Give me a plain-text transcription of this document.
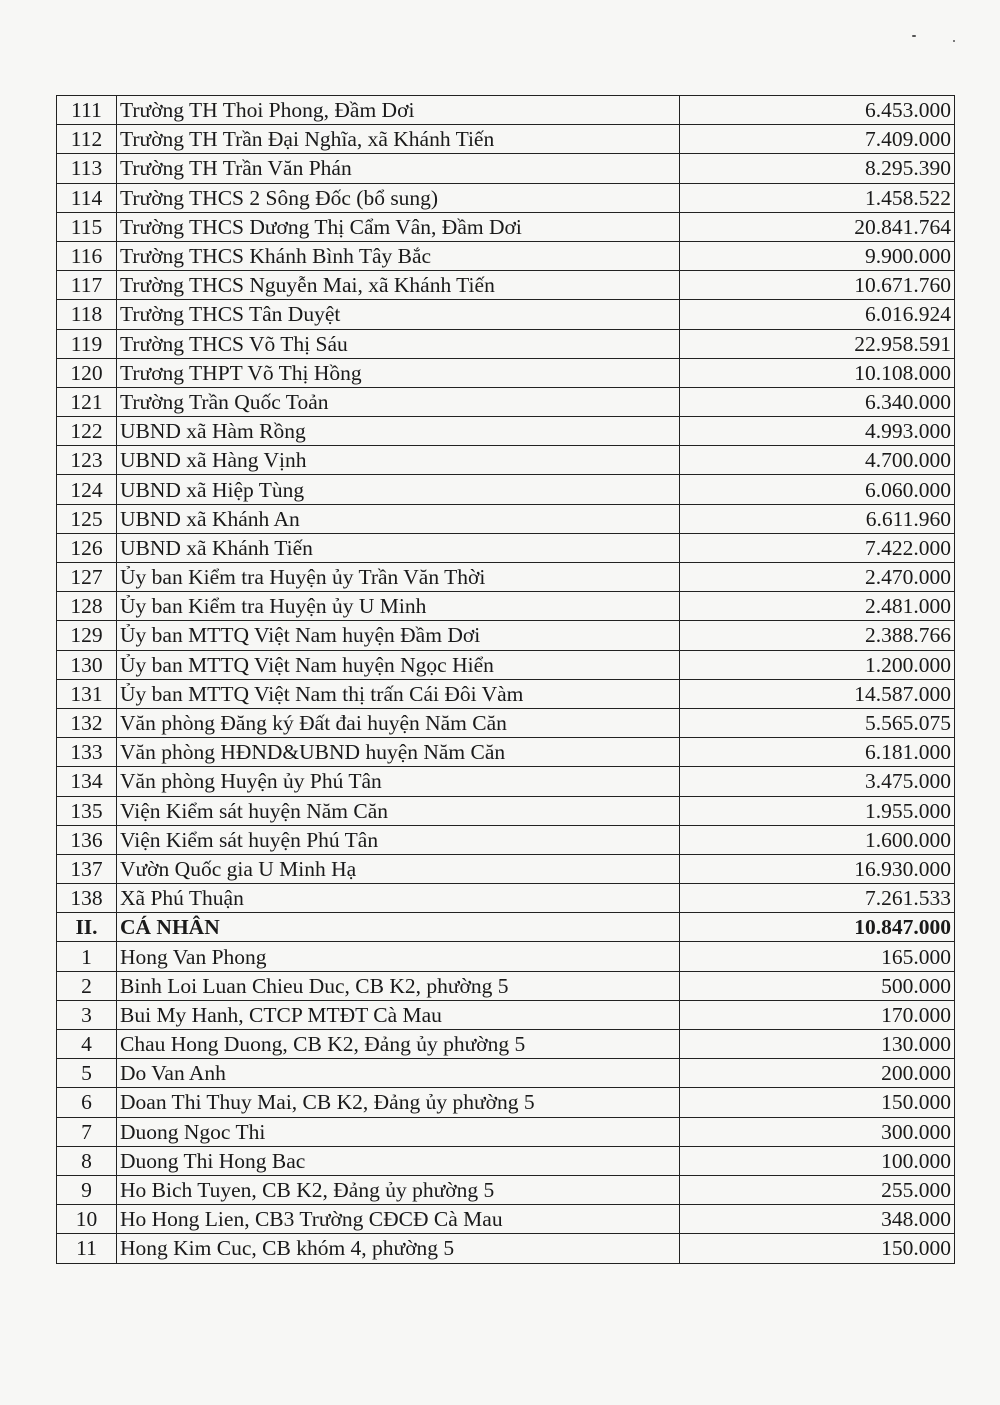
111	Trường TH Thoi Phong, Đầm Dơi	6.453.000
112	Trường TH Trần Đại Nghĩa, xã Khánh Tiến	7.409.000
113	Trường TH Trần Văn Phán	8.295.390
114	Trường THCS 2 Sông Đốc (bổ sung)	1.458.522
115	Trường THCS Dương Thị Cẩm Vân, Đầm Dơi	20.841.764
116	Trường THCS Khánh Bình Tây Bắc	9.900.000
117	Trường THCS Nguyễn Mai, xã Khánh Tiến	10.671.760
118	Trường THCS Tân Duyệt	6.016.924
119	Trường THCS Võ Thị Sáu	22.958.591
120	Trương THPT Võ Thị Hồng	10.108.000
121	Trường Trần Quốc Toản	6.340.000
122	UBND xã Hàm Rồng	4.993.000
123	UBND xã Hàng Vịnh	4.700.000
124	UBND xã Hiệp Tùng	6.060.000
125	UBND xã Khánh An	6.611.960
126	UBND xã Khánh Tiến	7.422.000
127	Ủy ban Kiểm tra Huyện ủy Trần Văn Thời	2.470.000
128	Ủy ban Kiểm tra Huyện ủy U Minh	2.481.000
129	Ủy ban MTTQ Việt Nam huyện Đầm Dơi	2.388.766
130	Ủy ban MTTQ Việt Nam huyện Ngọc Hiển	1.200.000
131	Ủy ban MTTQ Việt Nam thị trấn Cái Đôi Vàm	14.587.000
132	Văn phòng Đăng ký Đất đai huyện Năm Căn	5.565.075
133	Văn phòng HĐND&UBND huyện Năm Căn	6.181.000
134	Văn phòng Huyện ủy Phú Tân	3.475.000
135	Viện Kiểm sát huyện Năm Căn	1.955.000
136	Viện Kiểm sát huyện Phú Tân	1.600.000
137	Vườn Quốc gia U Minh Hạ	16.930.000
138	Xã Phú Thuận	7.261.533
II.	CÁ NHÂN	10.847.000
1	Hong Van Phong	165.000
2	Binh Loi Luan Chieu Duc, CB K2, phường 5	500.000
3	Bui My Hanh, CTCP MTĐT Cà Mau	170.000
4	Chau Hong Duong, CB K2, Đảng ủy phường 5	130.000
5	Do Van Anh	200.000
6	Doan Thi Thuy Mai, CB K2, Đảng ủy phường 5	150.000
7	Duong Ngoc Thi	300.000
8	Duong Thi Hong Bac	100.000
9	Ho Bich Tuyen, CB K2, Đảng ủy phường 5	255.000
10	Ho Hong Lien, CB3 Trường CĐCĐ Cà Mau	348.000
11	Hong Kim Cuc, CB khóm 4, phường 5	150.000
